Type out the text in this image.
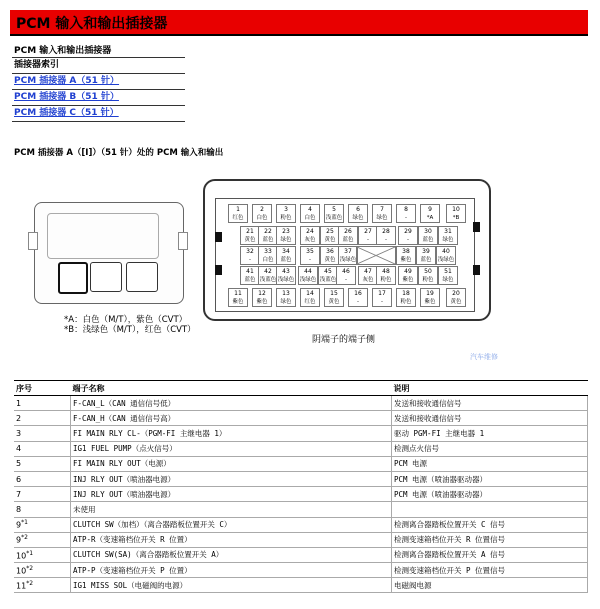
PCM 输入和输出插接器
PCM 输入和输出插接器
插接器索引
PCM 插接器 A（51 针）
PCM 插接器 B（51 针）
PCM 插接器 C（51 针）
PCM 插接器 A（[I]）（51 针）处的 PCM 输入和输出
*A：白色（M/T），紫色（CVT）
*B：浅绿色（M/T），红色（CVT）
1
红色
2
白色
3
粉色
4
白色
5
浅蓝色
6
绿色
7
绿色
8
-
9
*A
10
*B
21
黄色
22
蓝色
23
绿色
24
灰色
25
黄色
26
蓝色
27
-
28
-
29
-
30
蓝色
31
绿色
32
-
33
白色
34
蓝色
35
-
36
黄色
37
浅绿色
38
紫色
39
蓝色
40
浅绿色
41
蓝色
42
浅蓝色
43
浅绿色
44
浅绿色
45
浅蓝色
46
-
47
灰色
48
粉色
49
紫色
50
粉色
51
绿色
11
紫色
12
紫色
13
绿色
14
红色
15
黄色
16
-
17
-
18
粉色
19
紫色
20
黄色
阴端子的端子侧
汽车维修
序号	端子名称	说明
1	F-CAN_L（CAN 通信信号低）	发送和接收通信信号
2	F-CAN_H（CAN 通信信号高）	发送和接收通信信号
3	FI MAIN RLY CL-（PGM-FI 主继电器 1）	驱动 PGM-FI 主继电器 1
4	IG1 FUEL PUMP（点火信号）	检测点火信号
5	FI MAIN RLY OUT（电源）	PCM 电源
6	INJ RLY OUT（喷油器电源）	PCM 电源（喷油器驱动器）
7	INJ RLY OUT（喷油器电源）	PCM 电源（喷油器驱动器）
8	未使用	
9$^{*1}$	CLUTCH SW（加档）（离合器踏板位置开关 C）	检测离合器踏板位置开关 C 信号
9$^{*2}$	ATP-R（变速箱档位开关 R 位置）	检测变速箱档位开关 R 位置信号
10$^{*1}$	CLUTCH SW(SA)（离合器踏板位置开关 A）	检测离合器踏板位置开关 A 信号
10$^{*2}$	ATP-P（变速箱档位开关 P 位置）	检测变速箱档位开关 P 位置信号
11$^{*2}$	IG1 MISS SOL（电磁阀的电源）	电磁阀电源
